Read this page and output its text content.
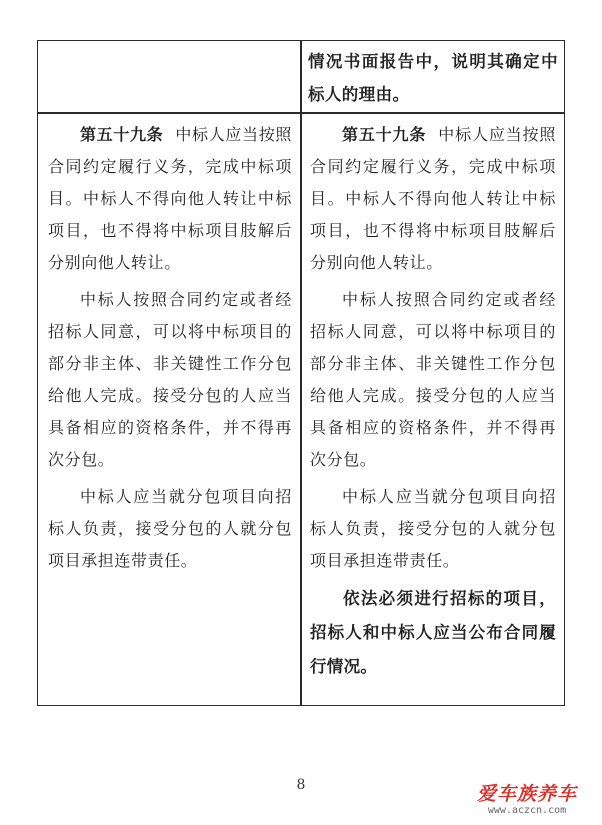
情况书面报告中，说明其确定中标人的理由。

第五十九条 中标人应当按照合同约定履行义务，完成中标项目。中标人不得向他人转让中标项目，也不得将中标项目肢解后分别向他人转让。

中标人按照合同约定或者经招标人同意，可以将中标项目的部分非主体、非关键性工作分包给他人完成。接受分包的人应当具备相应的资格条件，并不得再次分包。

中标人应当就分包项目向招标人负责，接受分包的人就分包项目承担连带责任。

第五十九条 中标人应当按照合同约定履行义务，完成中标项目。中标人不得向他人转让中标项目，也不得将中标项目肢解后分别向他人转让。

中标人按照合同约定或者经招标人同意，可以将中标项目的部分非主体、非关键性工作分包给他人完成。接受分包的人应当具备相应的资格条件，并不得再次分包。

中标人应当就分包项目向招标人负责，接受分包的人就分包项目承担连带责任。

依法必须进行招标的项目，招标人和中标人应当公布合同履行情况。

8	爱车族养车
www.aczcn.com
